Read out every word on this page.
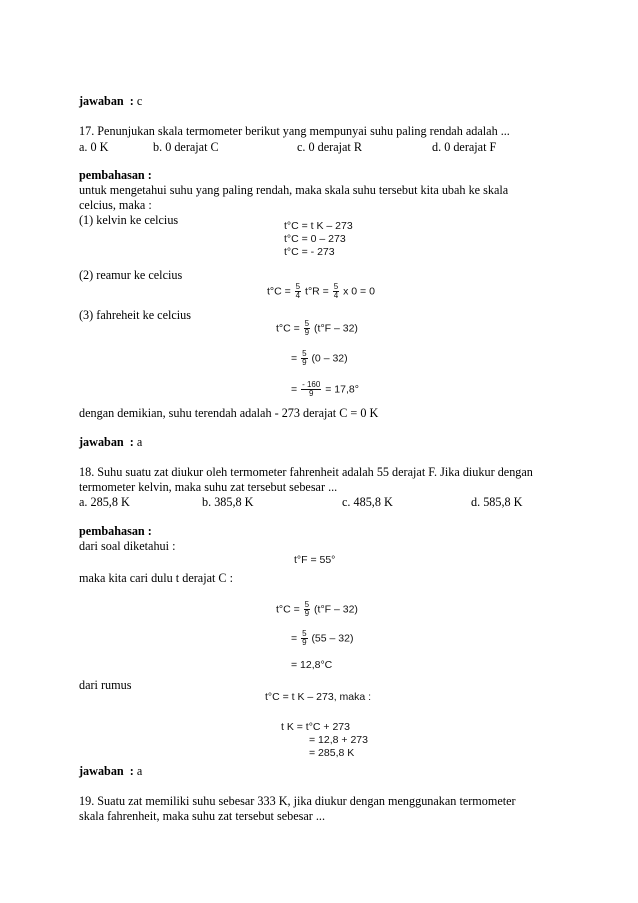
jawaban : c
17. Penunjukan skala termometer berikut yang mempunyai suhu paling rendah adalah ...
a. 0 K	b. 0 derajat C	c. 0 derajat R	d. 0 derajat F
pembahasan :
untuk mengetahui suhu yang paling rendah, maka skala suhu tersebut kita ubah ke skala
celcius, maka :
(1) kelvin ke celcius	t°C = t K – 273
t°C = 0 – 273
t°C = - 273
(2) reamur ke celcius
$t^\circ C = \frac{5}{4} t^\circ R = \frac{5}{4}$ x 0 = 0
(3) fahreheit ke celcius
$t^\circ C = \frac{5}{9} (t^\circ F - 32)$
= $\frac{5}{9} (0 - 32)$
= $\frac{- 160}{9} = 17,8^\circ$
dengan demikian, suhu terendah adalah - 273 derajat C = 0 K
jawaban : a
18. Suhu suatu zat diukur oleh termometer fahrenheit adalah 55 derajat F. Jika diukur dengan
termometer kelvin, maka suhu zat tersebut sebesar ...
a. 285,8 K	b. 385,8 K	c. 485,8 K	d. 585,8 K
pembahasan :
dari soal diketahui :
t°F = 55°
maka kita cari dulu t derajat C :
$t^\circ C = \frac{5}{9} (t^\circ F - 32)$
= $\frac{5}{9} (55 - 32)$
= 12,8°C
dari rumus
t°C = t K – 273, maka :
t K = t°C + 273
= 12,8 + 273
= 285,8 K
jawaban : a
19. Suatu zat memiliki suhu sebesar 333 K, jika diukur dengan menggunakan termometer
skala fahrenheit, maka suhu zat tersebut sebesar ...
